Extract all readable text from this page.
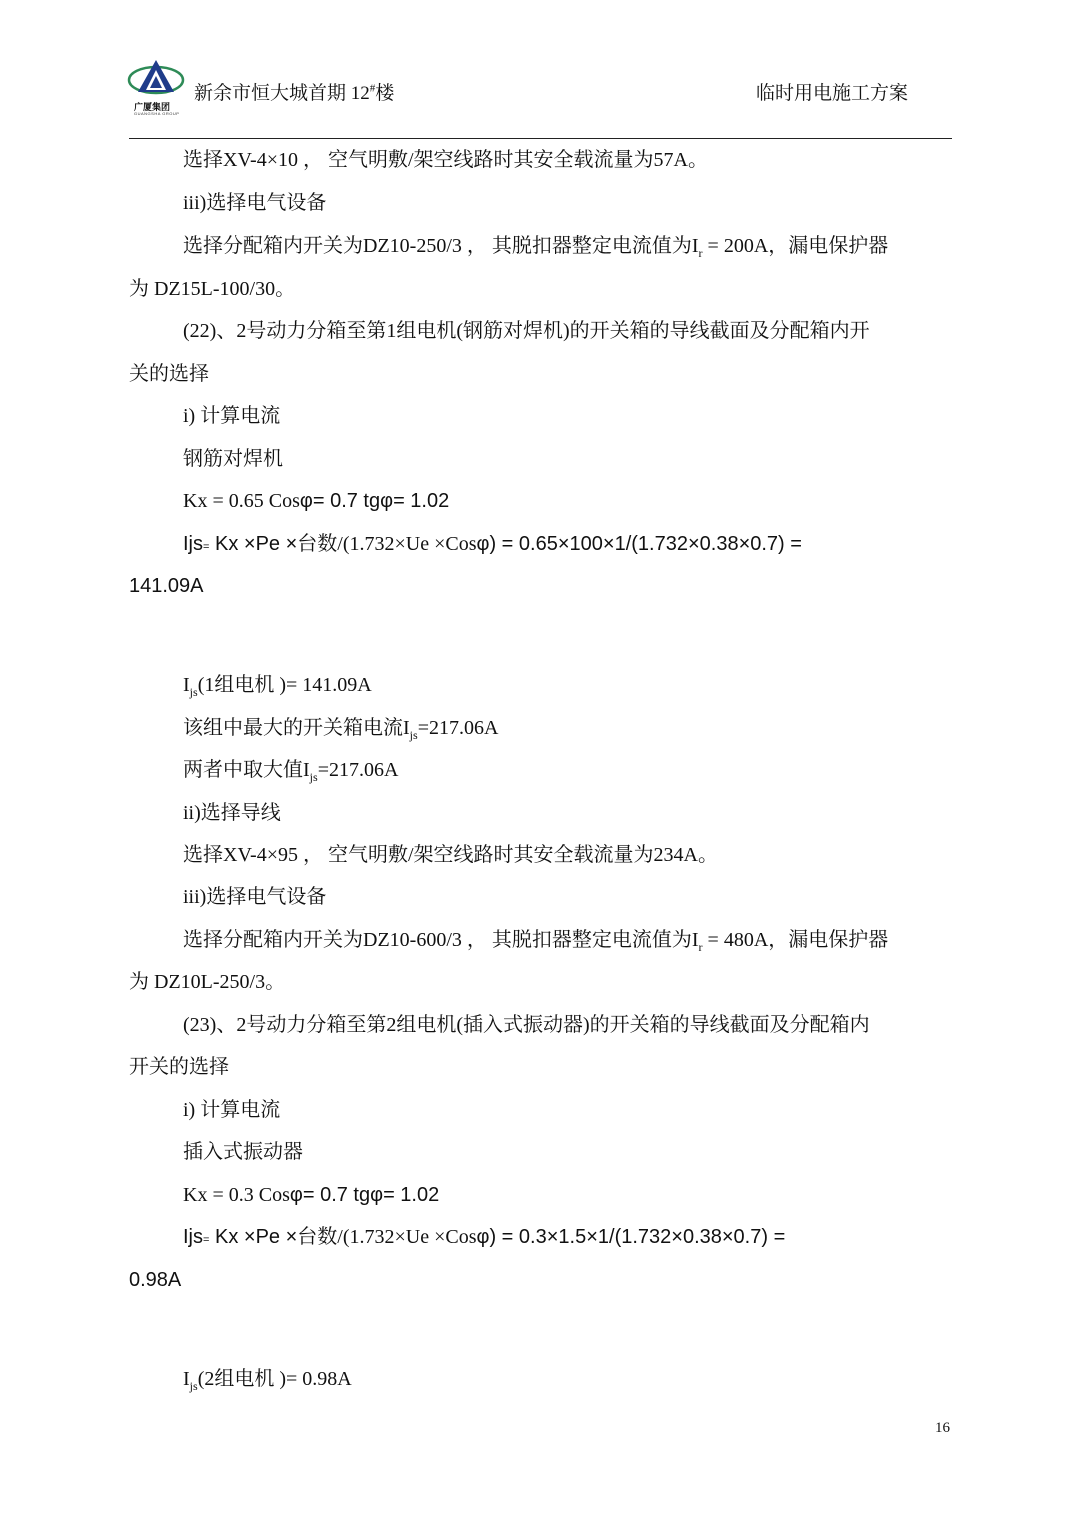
广厦集团
GUANGSHA GROUP
新余市恒大城首期 12#楼	临时用电施工方案
选择XV-4×10 ， 空气明敷/架空线路时其安全载流量为57A。
iii)选择电气设备
选择分配箱内开关为DZ10-250/3 ， 其脱扣器整定电流值为$I_r = 200A$，漏电保护器
为 DZ15L-100/30。
(22)、2号动力分箱至第1组电机(钢筋对焊机)的开关箱的导线截面及分配箱内开
关的选择
i) 计算电流
钢筋对焊机
Kx = 0.65 Cosφ= 0.7 tgφ= 1.02
Ijs= Kx ×Pe ×台数/(1.732×Ue ×Cosφ) = 0.65×100×1/(1.732×0.38×0.7) =
141.09A
$I_{js}(1$组电机 )= 141.09A
该组中最大的开关箱电流$I_{js}=217.06A$
两者中取大值$I_{js}=217.06A$
ii)选择导线
选择XV-4×95 ， 空气明敷/架空线路时其安全载流量为234A。
iii)选择电气设备
选择分配箱内开关为DZ10-600/3 ， 其脱扣器整定电流值为$I_r = 480A$，漏电保护器
为 DZ10L-250/3。
(23)、2号动力分箱至第2组电机(插入式振动器)的开关箱的导线截面及分配箱内
开关的选择
i) 计算电流
插入式振动器
Kx = 0.3 Cosφ= 0.7 tgφ= 1.02
Ijs= Kx ×Pe ×台数/(1.732×Ue ×Cosφ) = 0.3×1.5×1/(1.732×0.38×0.7) =
0.98A
$I_{js}(2$组电机 )= 0.98A
16
